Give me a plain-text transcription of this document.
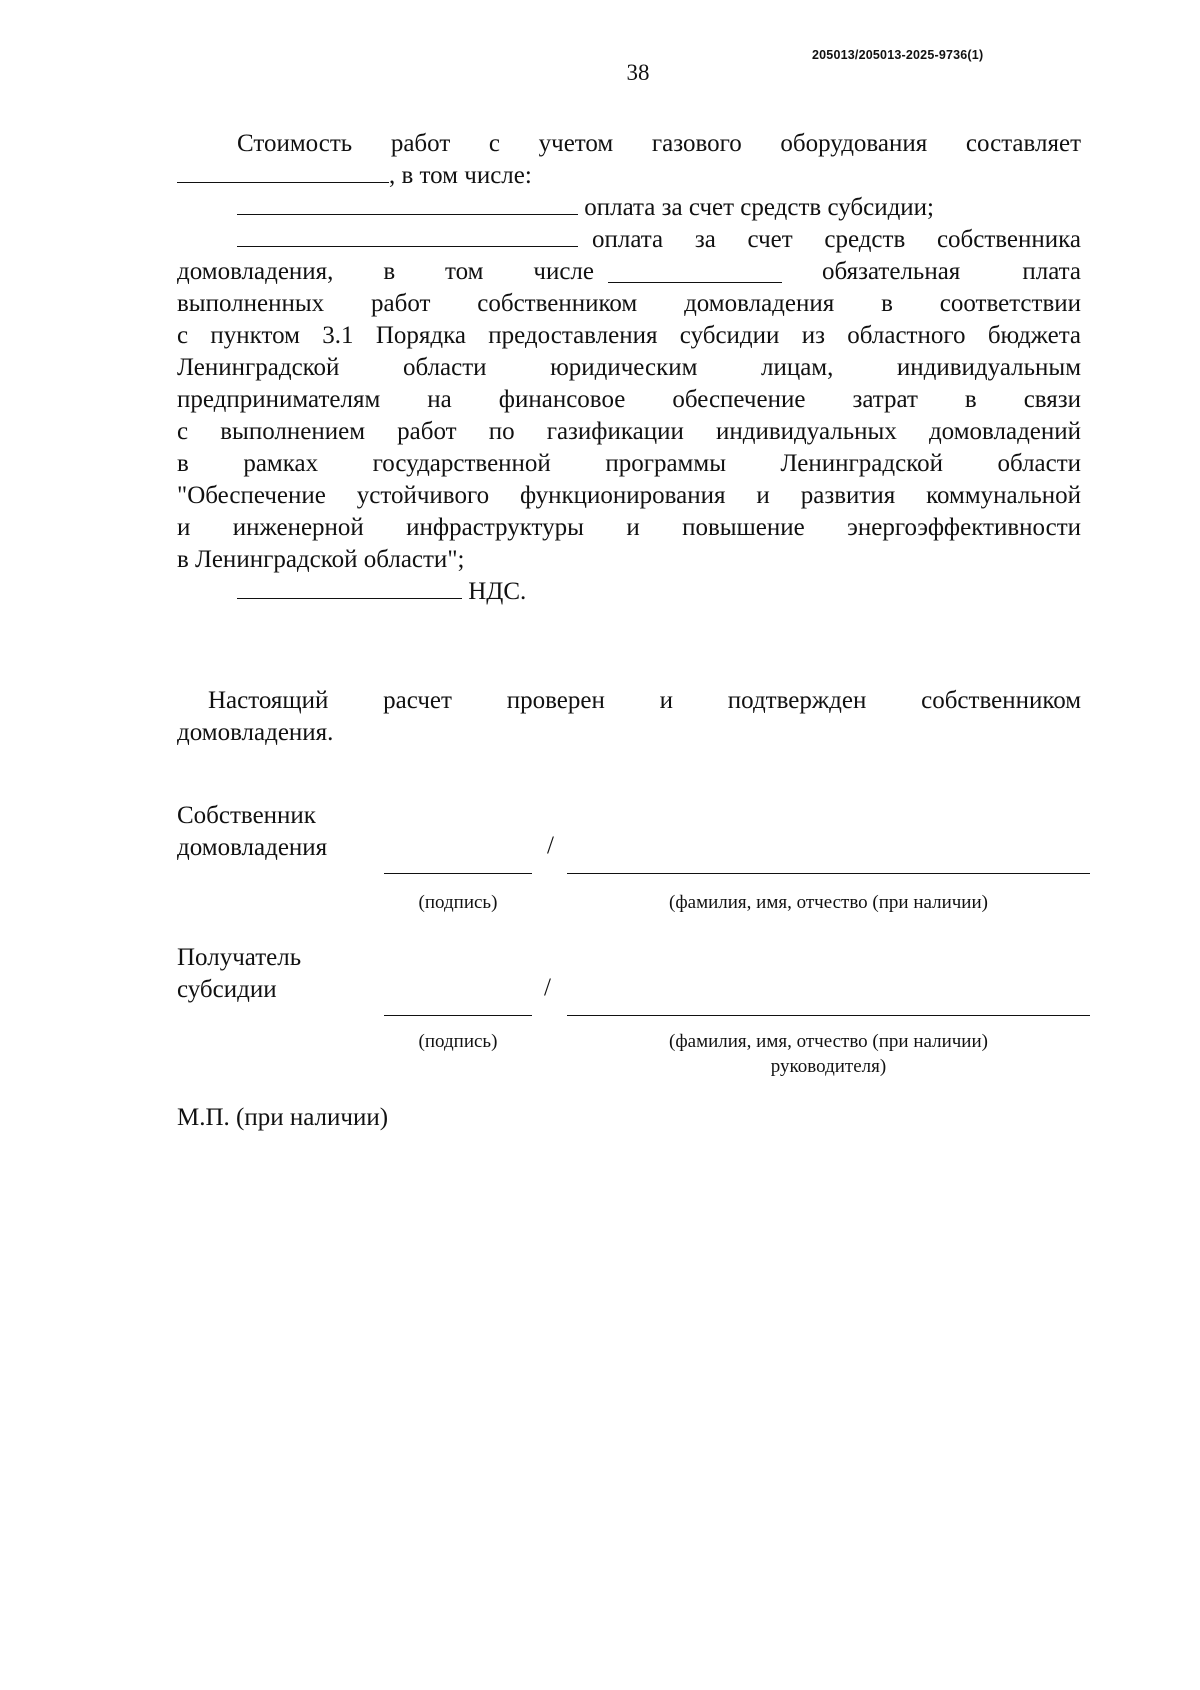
205013/205013-2025-9736(1)
38
Стоимость работ с учетом газового оборудования составляет
, в том числе:
оплата за счет средств субсидии;
оплата за счет средств собственника
домовладения, в том числе	обязательная плата
выполненных работ собственником домовладения в соответствии
с пунктом 3.1 Порядка предоставления субсидии из областного бюджета
Ленинградской	области	юридическим	лицам,	индивидуальным
предпринимателям на финансовое обеспечение затрат в связи
с выполнением работ по газификации индивидуальных домовладений
в рамках государственной программы Ленинградской области
"Обеспечение устойчивого функционирования и развития коммунальной
и инженерной инфраструктуры и повышение энергоэффективности
в Ленинградской области";
НДС.
Настоящий расчет проверен и подтвержден собственником
домовладения.
Собственник
домовладения	/
(подпись)	(фамилия, имя, отчество (при наличии)
Получатель
субсидии	/
(подпись)	(фамилия, имя, отчество (при наличии)
руководителя)
М.П. (при наличии)
